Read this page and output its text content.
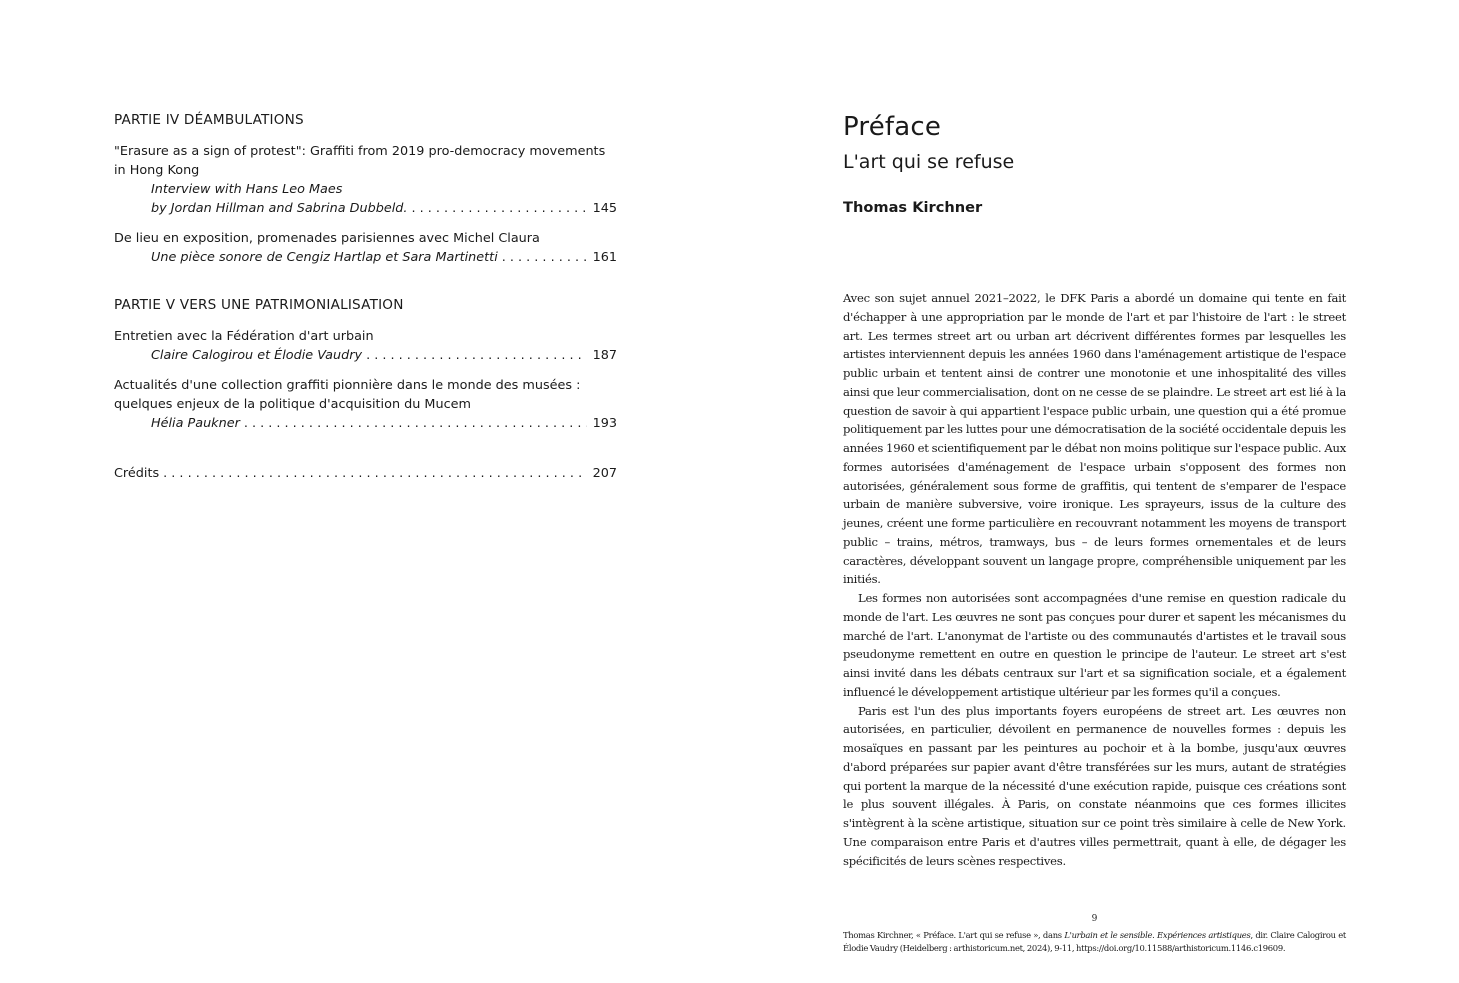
PARTIE IV DÉAMBULATIONS
"Erasure as a sign of protest": Graffiti from 2019 pro-democracy movements in Hong Kong
Interview with Hans Leo Maes
by Jordan Hillman and Sabrina Dubbeld. . . .	145
De lieu en exposition, promenades parisiennes avec Michel Claura
Une pièce sonore de Cengiz Hartlap et Sara Martinetti . . .	161
PARTIE V VERS UNE PATRIMONIALISATION
Entretien avec la Fédération d'art urbain
Claire Calogirou et Élodie Vaudry . . .	187
Actualités d'une collection graffiti pionnière dans le monde des musées : quelques enjeux de la politique d'acquisition du Mucem
Hélia Paukner . . .	193
Crédits . . .	207
Préface
L'art qui se refuse
Thomas Kirchner

Avec son sujet annuel 2021–2022, le DFK Paris a abordé un domaine qui tente en fait d'échapper à une appropriation par le monde de l'art et par l'histoire de l'art : le street art. Les termes street art ou urban art décrivent différentes formes par lesquelles les artistes interviennent depuis les années 1960 dans l'aménagement artistique de l'espace public urbain et tentent ainsi de contrer une monotonie et une inhospitalité des villes ainsi que leur commercialisation, dont on ne cesse de se plaindre. Le street art est lié à la question de savoir à qui appartient l'espace public urbain, une question qui a été promue politiquement par les luttes pour une démocratisation de la société occidentale depuis les années 1960 et scientifiquement par le débat non moins politique sur l'espace public. Aux formes autorisées d'aménagement de l'espace urbain s'opposent des formes non autorisées, généralement sous forme de graffitis, qui tentent de s'emparer de l'espace urbain de manière subversive, voire ironique. Les sprayeurs, issus de la culture des jeunes, créent une forme particulière en recouvrant notamment les moyens de transport public – trains, métros, tramways, bus – de leurs formes ornementales et de leurs caractères, développant souvent un langage propre, compréhensible uniquement par les initiés.

Les formes non autorisées sont accompagnées d'une remise en question radicale du monde de l'art. Les œuvres ne sont pas conçues pour durer et sapent les mécanismes du marché de l'art. L'anonymat de l'artiste ou des communautés d'artistes et le travail sous pseudonyme remettent en outre en question le principe de l'auteur. Le street art s'est ainsi invité dans les débats centraux sur l'art et sa signification sociale, et a également influencé le développement artistique ultérieur par les formes qu'il a conçues.

Paris est l'un des plus importants foyers européens de street art. Les œuvres non autorisées, en particulier, dévoilent en permanence de nouvelles formes : depuis les mosaïques en passant par les peintures au pochoir et à la bombe, jusqu'aux œuvres d'abord préparées sur papier avant d'être transférées sur les murs, autant de stratégies qui portent la marque de la nécessité d'une exécution rapide, puisque ces créations sont le plus souvent illégales. À Paris, on constate néanmoins que ces formes illicites s'intègrent à la scène artistique, situation sur ce point très similaire à celle de New York. Une comparaison entre Paris et d'autres villes permettrait, quant à elle, de dégager les spécificités de leurs scènes respectives.

9
Thomas Kirchner, « Préface. L'art qui se refuse », dans L'urbain et le sensible. Expériences artistiques, dir. Claire Calogirou et Élodie Vaudry (Heidelberg : arthistoricum.net, 2024), 9-11, https://doi.org/10.11588/arthistoricum.1146.c19609.
